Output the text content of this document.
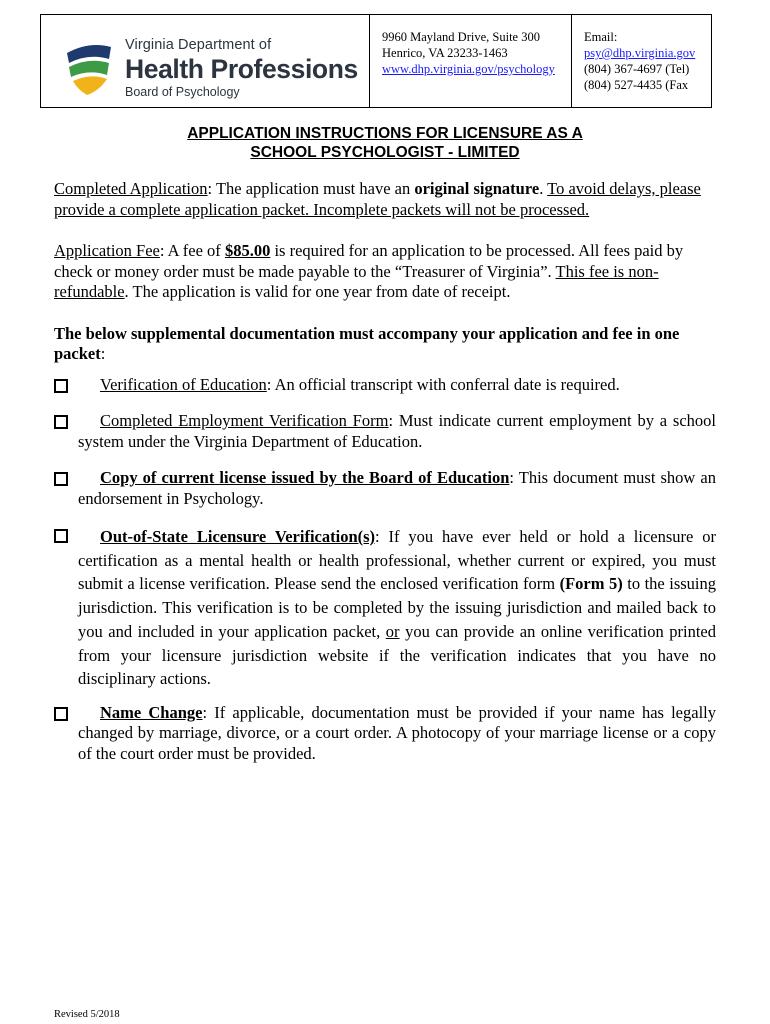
Virginia Department of
Health Professions
Board of Psychology
9960 Mayland Drive, Suite 300
Henrico, VA 23233-1463
www.dhp.virginia.gov/psychology
Email:
psy@dhp.virginia.gov
(804) 367-4697 (Tel)
(804) 527-4435 (Fax
APPLICATION INSTRUCTIONS FOR LICENSURE AS A
SCHOOL PSYCHOLOGIST - LIMITED

Completed Application: The application must have an original signature. To avoid delays, please provide a complete application packet. Incomplete packets will not be processed.

Application Fee: A fee of $85.00 is required for an application to be processed. All fees paid by check or money order must be made payable to the “Treasurer of Virginia”. This fee is non-refundable. The application is valid for one year from date of receipt.

The below supplemental documentation must accompany your application and fee in one packet:

Verification of Education: An official transcript with conferral date is required.
Completed Employment Verification Form: Must indicate current employment by a school system under the Virginia Department of Education.
Copy of current license issued by the Board of Education: This document must show an endorsement in Psychology.
Out-of-State Licensure Verification(s): If you have ever held or hold a licensure or certification as a mental health or health professional, whether current or expired, you must submit a license verification. Please send the enclosed verification form (Form 5) to the issuing jurisdiction. This verification is to be completed by the issuing jurisdiction and mailed back to you and included in your application packet, or you can provide an online verification printed from your licensure jurisdiction website if the verification indicates that you have no disciplinary actions.
Name Change: If applicable, documentation must be provided if your name has legally changed by marriage, divorce, or a court order. A photocopy of your marriage license or a copy of the court order must be provided.
Revised 5/2018
